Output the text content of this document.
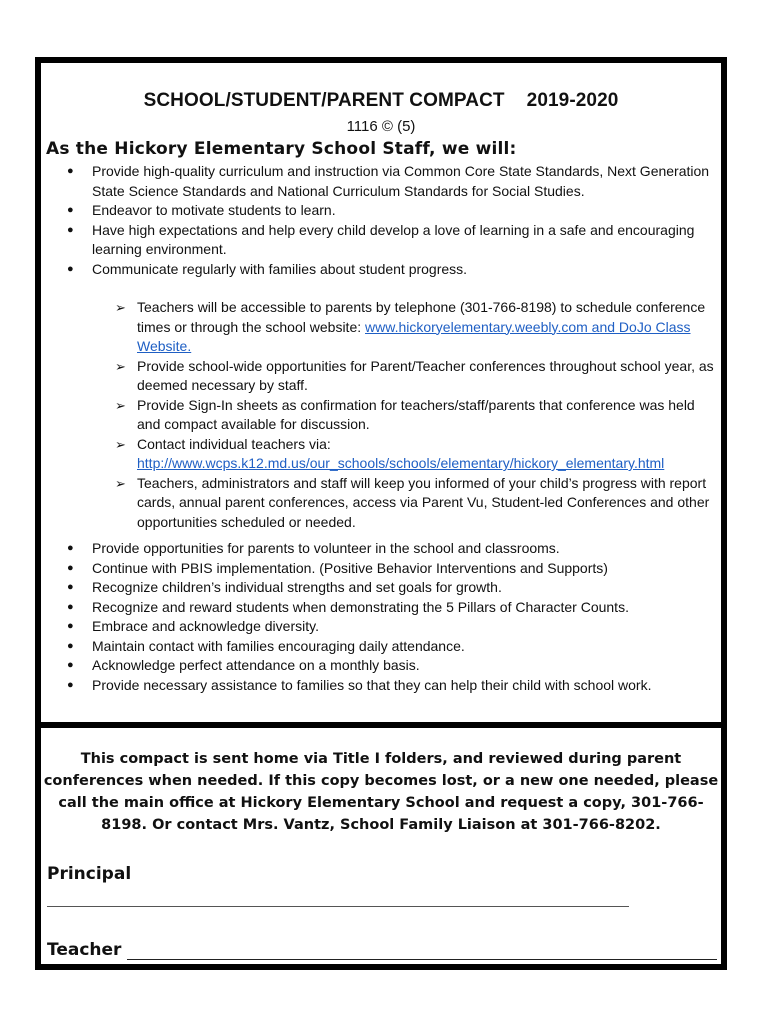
SCHOOL/STUDENT/PARENT COMPACT 2019-2020
1116 © (5)
As the Hickory Elementary School Staff, we will:
● Provide high-quality curriculum and instruction via Common Core State Standards, Next Generation State Science Standards and National Curriculum Standards for Social Studies.
● Endeavor to motivate students to learn.
● Have high expectations and help every child develop a love of learning in a safe and encouraging learning environment.
● Communicate regularly with families about student progress.
➢ Teachers will be accessible to parents by telephone (301-766-8198) to schedule conference times or through the school website: www.hickoryelementary.weebly.com and DoJo Class Website.
➢ Provide school-wide opportunities for Parent/Teacher conferences throughout school year, as deemed necessary by staff.
➢ Provide Sign-In sheets as confirmation for teachers/staff/parents that conference was held and compact available for discussion.
➢ Contact individual teachers via:
http://www.wcps.k12.md.us/our_schools/schools/elementary/hickory_elementary.html
➢ Teachers, administrators and staff will keep you informed of your child’s progress with report cards, annual parent conferences, access via Parent Vu, Student-led Conferences and other opportunities scheduled or needed.
● Provide opportunities for parents to volunteer in the school and classrooms.
● Continue with PBIS implementation. (Positive Behavior Interventions and Supports)
● Recognize children’s individual strengths and set goals for growth.
● Recognize and reward students when demonstrating the 5 Pillars of Character Counts.
● Embrace and acknowledge diversity.
● Maintain contact with families encouraging daily attendance.
● Acknowledge perfect attendance on a monthly basis.
● Provide necessary assistance to families so that they can help their child with school work.
This compact is sent home via Title I folders, and reviewed during parent conferences when needed. If this copy becomes lost, or a new one needed, please call the main office at Hickory Elementary School and request a copy, 301-766-8198. Or contact Mrs. Vantz, School Family Liaison at 301-766-8202.
Principal
Teacher
